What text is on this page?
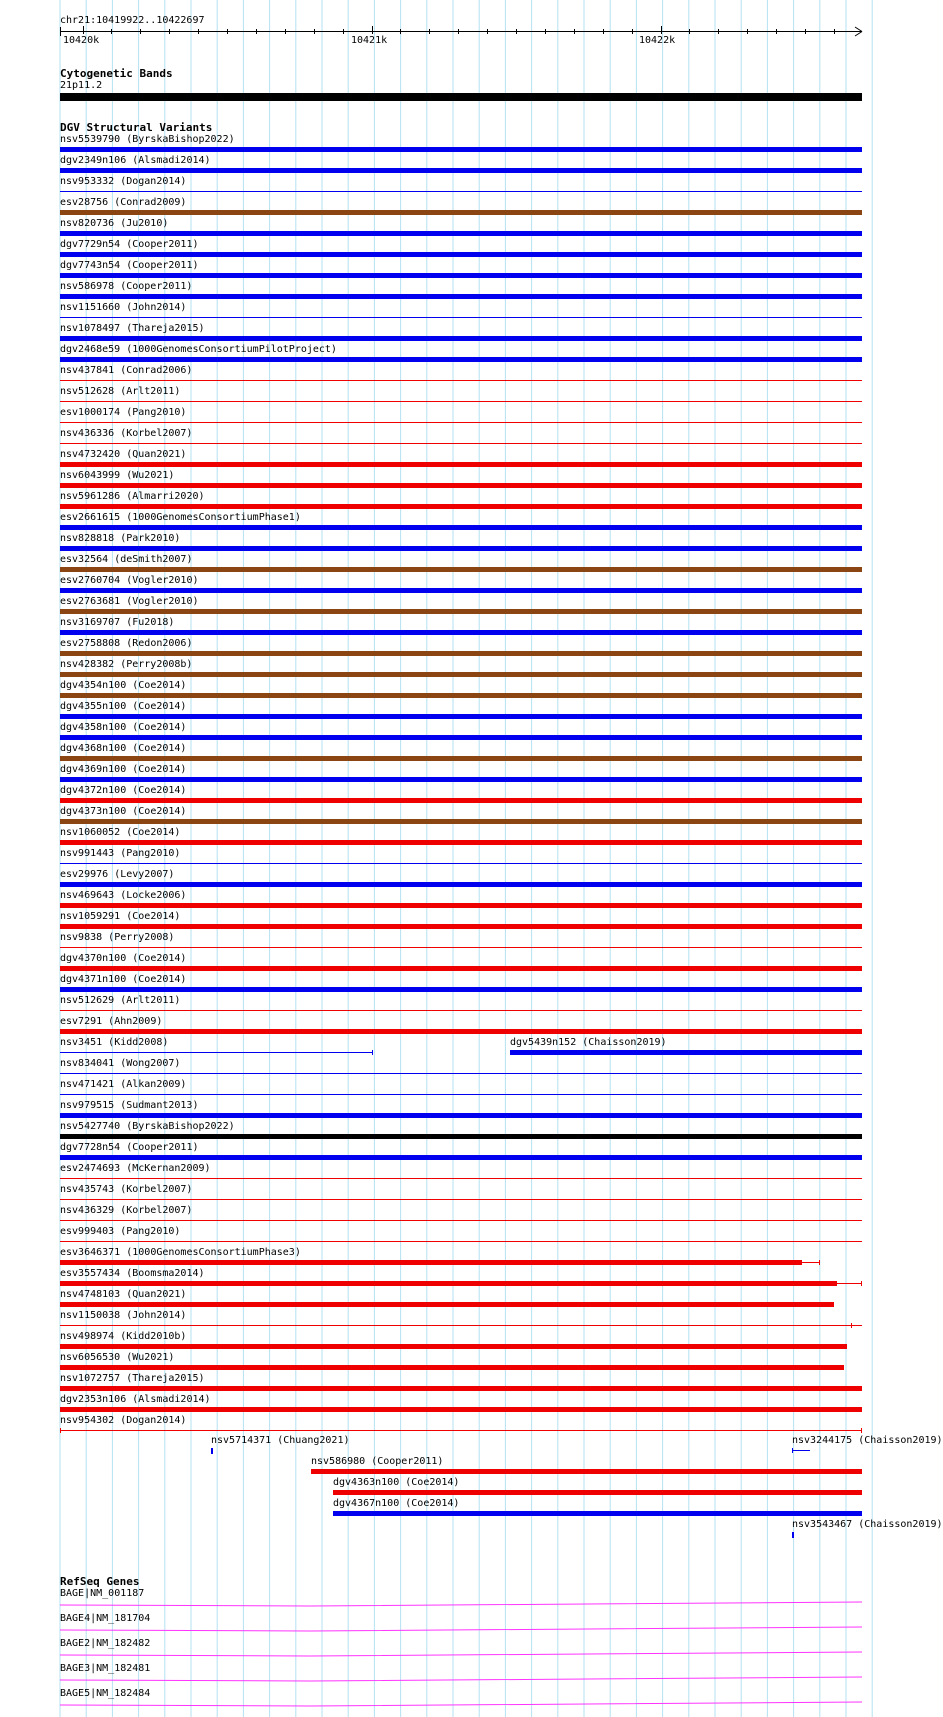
chr21:10419922..10422697
10420k	10421k	10422k
Cytogenetic Bands
21p11.2
DGV Structural Variants
nsv5539790 (ByrskaBishop2022)
dgv2349n106 (Alsmadi2014)
nsv953332 (Dogan2014)
esv28756 (Conrad2009)
nsv820736 (Ju2010)
dgv7729n54 (Cooper2011)
dgv7743n54 (Cooper2011)
nsv586978 (Cooper2011)
nsv1151660 (John2014)
nsv1078497 (Thareja2015)
dgv2468e59 (1000GenomesConsortiumPilotProject)
nsv437841 (Conrad2006)
nsv512628 (Arlt2011)
esv1000174 (Pang2010)
nsv436336 (Korbel2007)
nsv4732420 (Quan2021)
nsv6043999 (Wu2021)
nsv5961286 (Almarri2020)
esv2661615 (1000GenomesConsortiumPhase1)
nsv828818 (Park2010)
esv32564 (deSmith2007)
esv2760704 (Vogler2010)
esv2763681 (Vogler2010)
nsv3169707 (Fu2018)
esv2758808 (Redon2006)
nsv428382 (Perry2008b)
dgv4354n100 (Coe2014)
dgv4355n100 (Coe2014)
dgv4358n100 (Coe2014)
dgv4368n100 (Coe2014)
dgv4369n100 (Coe2014)
dgv4372n100 (Coe2014)
dgv4373n100 (Coe2014)
nsv1060052 (Coe2014)
nsv991443 (Pang2010)
esv29976 (Levy2007)
nsv469643 (Locke2006)
nsv1059291 (Coe2014)
nsv9838 (Perry2008)
dgv4370n100 (Coe2014)
dgv4371n100 (Coe2014)
nsv512629 (Arlt2011)
esv7291 (Ahn2009)
nsv3451 (Kidd2008)	dgv5439n152 (Chaisson2019)
nsv834041 (Wong2007)
nsv471421 (Alkan2009)
nsv979515 (Sudmant2013)
nsv5427740 (ByrskaBishop2022)
dgv7728n54 (Cooper2011)
esv2474693 (McKernan2009)
nsv435743 (Korbel2007)
nsv436329 (Korbel2007)
esv999403 (Pang2010)
esv3646371 (1000GenomesConsortiumPhase3)
esv3557434 (Boomsma2014)
nsv4748103 (Quan2021)
nsv1150038 (John2014)
nsv498974 (Kidd2010b)
nsv6056530 (Wu2021)
nsv1072757 (Thareja2015)
dgv2353n106 (Alsmadi2014)
nsv954302 (Dogan2014)
nsv5714371 (Chuang2021)	nsv3244175 (Chaisson2019)
nsv586980 (Cooper2011)
dgv4363n100 (Coe2014)
dgv4367n100 (Coe2014)
nsv3543467 (Chaisson2019)
RefSeq Genes
BAGE|NM_001187
BAGE4|NM_181704
BAGE2|NM_182482
BAGE3|NM_182481
BAGE5|NM_182484
